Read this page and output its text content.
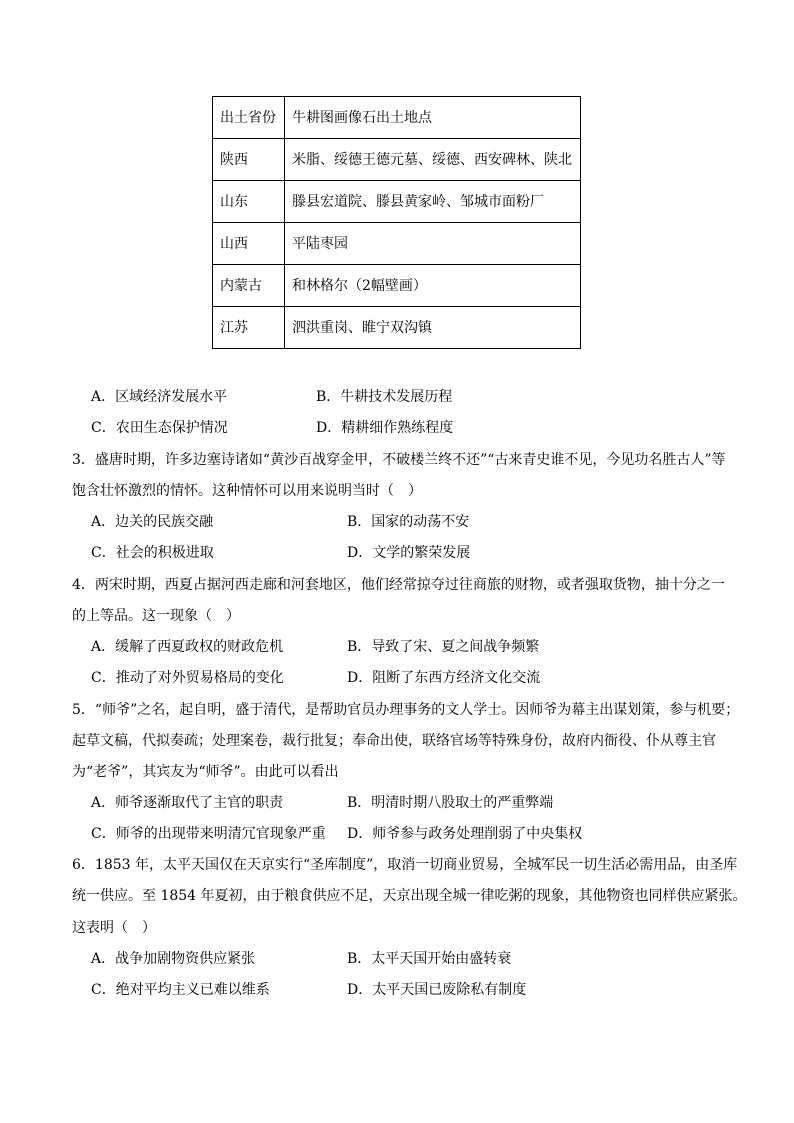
出土省份	牛耕图画像石出土地点
陕西	米脂、绥德王德元墓、绥德、西安碑林、陕北
山东	滕县宏道院、滕县黄家岭、邹城市面粉厂
山西	平陆枣园
内蒙古	和林格尔（2幅壁画）
江苏	泗洪重岗、睢宁双沟镇
A．区域经济发展水平	B．牛耕技术发展历程
C．农田生态保护情况	D．精耕细作熟练程度
3．盛唐时期，许多边塞诗诸如“黄沙百战穿金甲，不破楼兰终不还”“古来青史谁不见，今见功名胜古人”等
饱含壮怀激烈的情怀。这种情怀可以用来说明当时（　）
A．边关的民族交融	B．国家的动荡不安
C．社会的积极进取	D．文学的繁荣发展
4．两宋时期，西夏占据河西走廊和河套地区，他们经常掠夺过往商旅的财物，或者强取货物，抽十分之一
的上等品。这一现象（　）
A．缓解了西夏政权的财政危机	B．导致了宋、夏之间战争频繁
C．推动了对外贸易格局的变化	D．阻断了东西方经济文化交流
5．“师爷”之名，起自明，盛于清代，是帮助官员办理事务的文人学士。因师爷为幕主出谋划策，参与机要；
起草文稿，代拟奏疏；处理案卷，裁行批复；奉命出使，联络官场等特殊身份，故府内衙役、仆从尊主官
为“老爷”，其宾友为“师爷”。由此可以看出
A．师爷逐渐取代了主官的职责	B．明清时期八股取士的严重弊端
C．师爷的出现带来明清冗官现象严重 D．师爷参与政务处理削弱了中央集权
6．1853 年，太平天国仅在天京实行“圣库制度”，取消一切商业贸易，全城军民一切生活必需用品，由圣库
统一供应。至 1854 年夏初，由于粮食供应不足，天京出现全城一律吃粥的现象，其他物资也同样供应紧张。
这表明（　）
A．战争加剧物资供应紧张	B．太平天国开始由盛转衰
C．绝对平均主义已难以维系	D．太平天国已废除私有制度
